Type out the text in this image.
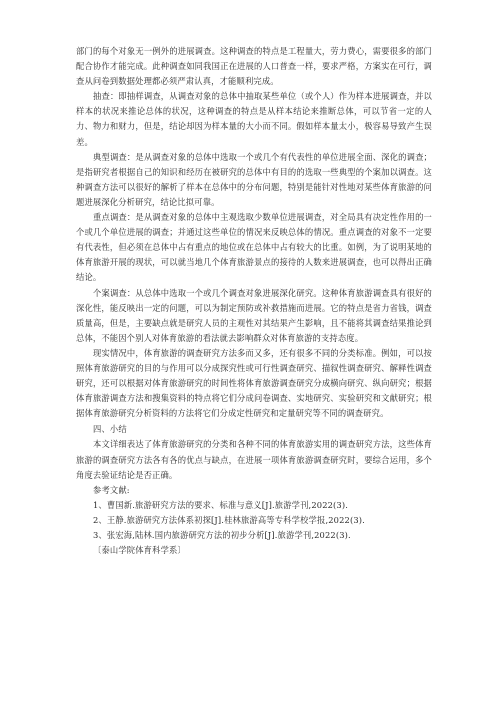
部门的每个对象无一例外的进展调查。这种调查的特点是工程量大，劳力费心，需要很多的部门配合协作才能完成。此种调查如同我国正在进展的人口普查一样，要求严格，方案实在可行，调查从问卷到数据处理都必须严肃认真，才能顺利完成。

抽查：即抽样调查，从调查对象的总体中抽取某些单位（或个人）作为样本进展调查，并以样本的状况来推论总体的状况，这种调查的特点是从样本结论来推断总体，可以节省一定的人力、物力和财力，但是，结论却因为样本量的大小而不同。假如样本量太小，极容易导致产生误差。

典型调查：是从调查对象的总体中选取一个或几个有代表性的单位进展全面、深化的调查；是指研究者根据自己的知识和经历在被研究的总体中有目的的选取一些典型的个案加以调查。这种调查方法可以很好的解析了样本在总体中的分布问题，特别是能针对性地对某些体育旅游的问题进展深化分析研究，结论比拟可靠。

重点调查：是从调查对象的总体中主观选取少数单位进展调查，对全局具有决定性作用的一个或几个单位进展的调查；并通过这些单位的情况来反映总体的情况。重点调查的对象不一定要有代表性，但必须在总体中占有重点的地位或在总体中占有较大的比重。如例，为了说明某地的体育旅游开展的现状，可以就当地几个体育旅游景点的接待的人数来进展调查，也可以得出正确结论。

个案调查：从总体中选取一个或几个调查对象进展深化研究。这种体育旅游调查具有很好的深化性，能反映出一定的问题，可以为制定预防或补救措施而进展。它的特点是省力省钱，调查质量高，但是，主要缺点就是研究人员的主观性对其结果产生影响，且不能将其调查结果推论到总体，不能因个别人对体育旅游的看法就去影响群众对体育旅游的支持态度。

现实情况中，体育旅游的调查研究方法多而又多，还有很多不同的分类标准。例如，可以按照体育旅游研究的目的与作用可以分成探究性或可行性调查研究、描叙性调查研究、解释性调查研究，还可以根据对体育旅游研究的时间性将体育旅游调查研究分成横向研究、纵向研究；根据体育旅游调查方法和搜集资料的特点将它们分成问卷调查、实地研究、实验研究和文献研究；根据体育旅游研究分析资料的方法将它们分成定性研究和定量研究等不同的调查研究。

四、小结

本文详细表达了体育旅游研究的分类和各种不同的体育旅游实用的调查研究方法，这些体育旅游的调查研究方法各有各的优点与缺点，在进展一项体育旅游调查研究时，要综合运用，多个角度去验证结论是否正确。

参考文献:

1、曹国新.旅游研究方法的要求、标准与意义[J].旅游学刊,2022(3).

2、王静.旅游研究方法体系初探[J].桂林旅游高等专科学校学报,2022(3).

3、张宏海,陆林.国内旅游研究方法的初步分析[J].旅游学刊,2022(3).

〔泰山学院体育科学系〕
